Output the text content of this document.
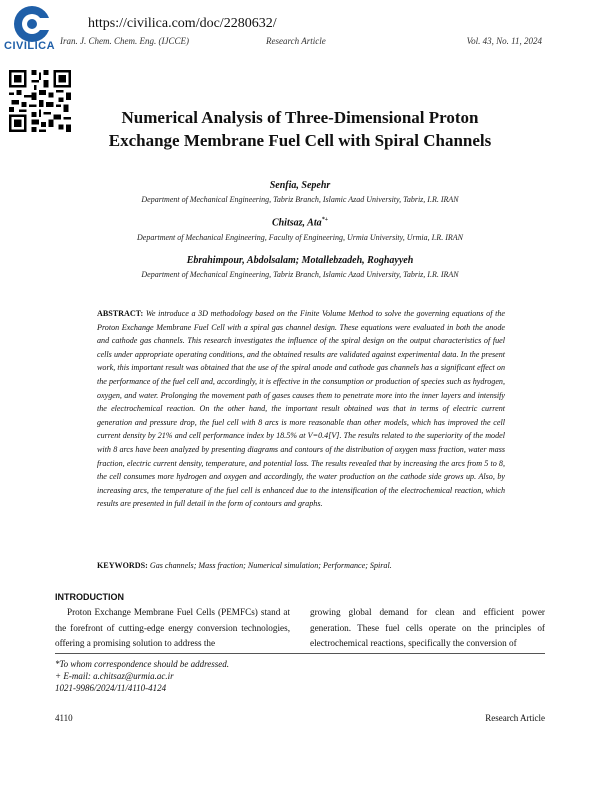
CIVILICA
https://civilica.com/doc/2280632/
Iran. J. Chem. Chem. Eng. (IJCCE)	Research Article	Vol. 43, No. 11, 2024
Numerical Analysis of Three-Dimensional Proton
Exchange Membrane Fuel Cell with Spiral Channels
Senfia, Sepehr
Department of Mechanical Engineering, Tabriz Branch, Islamic Azad University, Tabriz, I.R. IRAN
Chitsaz, Ata*+
Department of Mechanical Engineering, Faculty of Engineering, Urmia University, Urmia, I.R. IRAN
Ebrahimpour, Abdolsalam; Motallebzadeh, Roghayyeh
Department of Mechanical Engineering, Tabriz Branch, Islamic Azad University, Tabriz, I.R. IRAN
ABSTRACT: We introduce a 3D methodology based on the Finite Volume Method to solve the governing equations of the Proton Exchange Membrane Fuel Cell with a spiral gas channel design. These equations were evaluated in both the anode and cathode gas channels. This research investigates the influence of the spiral design on the output characteristics of fuel cells under appropriate operating conditions, and the obtained results are validated against experimental data. In the present work, this important result was obtained that the use of the spiral anode and cathode gas channels has a significant effect on the performance of the fuel cell and, accordingly, it is effective in the consumption or production of species such as hydrogen, oxygen, and water. Prolonging the movement path of gases causes them to penetrate more into the inner layers and intensify the electrochemical reaction. On the other hand, the important result obtained was that in terms of electric current generation and pressure drop, the fuel cell with 8 arcs is more reasonable than other models, which has improved the cell current density by 21% and cell performance index by 18.5% at V=0.4[V]. The results related to the superiority of the model with 8 arcs have been analyzed by presenting diagrams and contours of the distribution of oxygen mass fraction, water mass fraction, electric current density, temperature, and potential loss. The results revealed that by increasing the arcs from 5 to 8, the cell consumes more hydrogen and oxygen and accordingly, the water production on the cathode side grows up. Also, by increasing arcs, the temperature of the fuel cell is enhanced due to the intensification of the electrochemical reaction, which results are presented in full detail in the form of contours and graphs.
KEYWORDS: Gas channels; Mass fraction; Numerical simulation; Performance; Spiral.
INTRODUCTION
Proton Exchange Membrane Fuel Cells (PEMFCs) stand at the forefront of cutting-edge energy conversion technologies, offering a promising solution to address the
growing global demand for clean and efficient power generation. These fuel cells operate on the principles of electrochemical reactions, specifically the conversion of
*To whom correspondence should be addressed.
+ E-mail: a.chitsaz@urmia.ac.ir
1021-9986/2024/11/4110-4124
4110	Research Article
